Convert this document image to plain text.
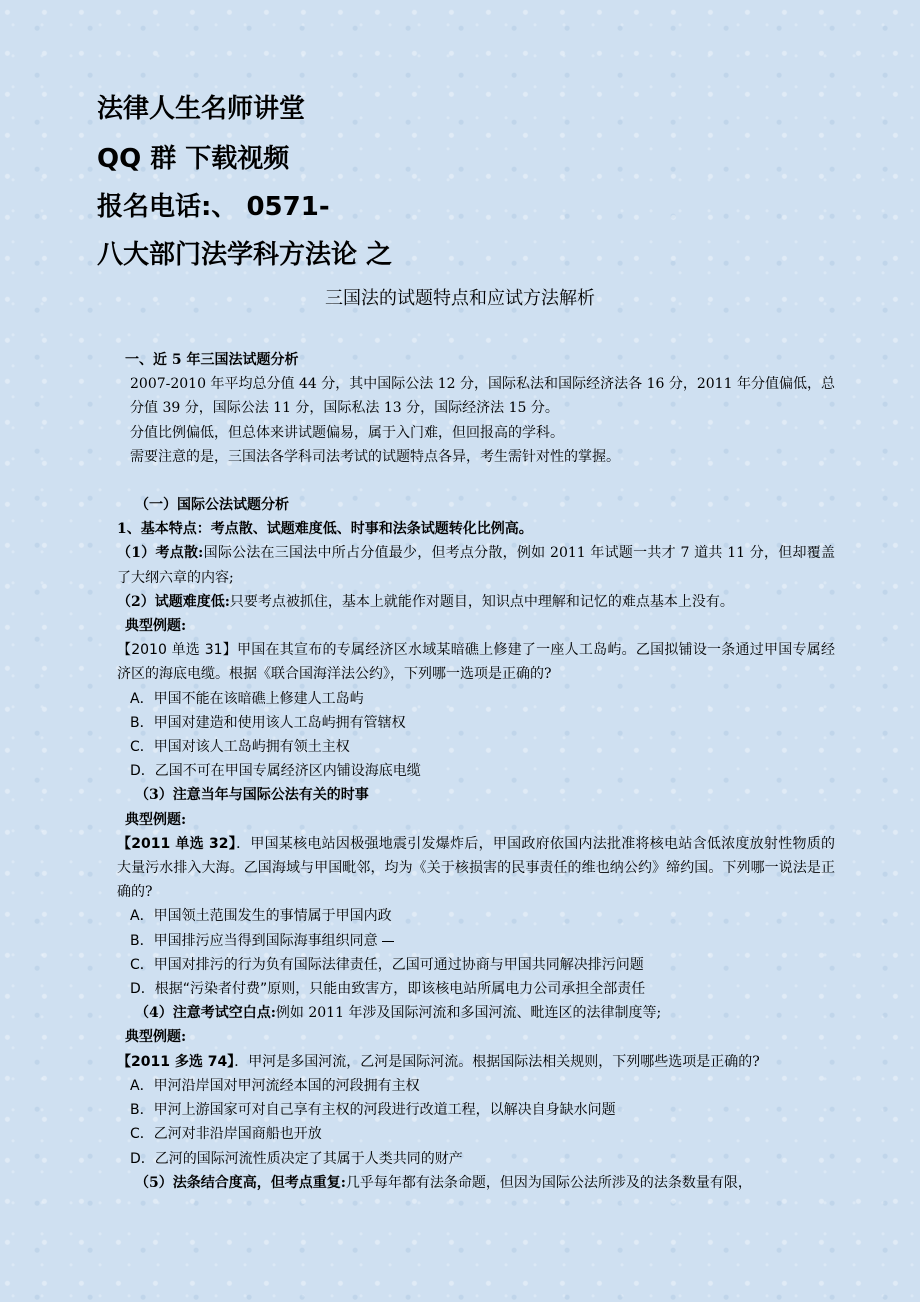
法律人生名师讲堂

QQ 群 下载视频

报名电话:、 0571-

八大部门法学科方法论 之

三国法的试题特点和应试方法解析

一、近 5 年三国法试题分析

2007-2010 年平均总分值 44 分，其中国际公法 12 分，国际私法和国际经济法各 16 分，2011 年分值偏低，总分值 39 分，国际公法 11 分，国际私法 13 分，国际经济法 15 分。

分值比例偏低，但总体来讲试题偏易，属于入门难，但回报高的学科。

需要注意的是，三国法各学科司法考试的试题特点各异，考生需针对性的掌握。

（一）国际公法试题分析

1、基本特点：考点散、试题难度低、时事和法条试题转化比例高。

（1）考点散:国际公法在三国法中所占分值最少，但考点分散，例如 2011 年试题一共才 7 道共 11 分，但却覆盖了大纲六章的内容;

（2）试题难度低:只要考点被抓住，基本上就能作对题目，知识点中理解和记忆的难点基本上没有。

典型例题:

【2010 单选 31】甲国在其宣布的专属经济区水域某暗礁上修建了一座人工岛屿。乙国拟铺设一条通过甲国专属经济区的海底电缆。根据《联合国海洋法公约》，下列哪一选项是正确的?

A．甲国不能在该暗礁上修建人工岛屿

B．甲国对建造和使用该人工岛屿拥有管辖权

C．甲国对该人工岛屿拥有领土主权

D．乙国不可在甲国专属经济区内铺设海底电缆

（3）注意当年与国际公法有关的时事

典型例题:

【2011 单选 32】．甲国某核电站因极强地震引发爆炸后，甲国政府依国内法批准将核电站含低浓度放射性物质的大量污水排入大海。乙国海域与甲国毗邻，均为《关于核损害的民事责任的维也纳公约》缔约国。下列哪一说法是正确的?

A．甲国领土范围发生的事情属于甲国内政

B．甲国排污应当得到国际海事组织同意

C．甲国对排污的行为负有国际法律责任，乙国可通过协商与甲国共同解决排污问题

D．根据“污染者付费”原则，只能由致害方，即该核电站所属电力公司承担全部责任

（4）注意考试空白点:例如 2011 年涉及国际河流和多国河流、毗连区的法律制度等;

典型例题:

【2011 多选 74】．甲河是多国河流，乙河是国际河流。根据国际法相关规则，下列哪些选项是正确的?

A．甲河沿岸国对甲河流经本国的河段拥有主权

B．甲河上游国家可对自己享有主权的河段进行改道工程，以解决自身缺水问题

C．乙河对非沿岸国商船也开放

D．乙河的国际河流性质决定了其属于人类共同的财产

（5）法条结合度高，但考点重复:几乎每年都有法条命题，但因为国际公法所涉及的法条数量有限，
